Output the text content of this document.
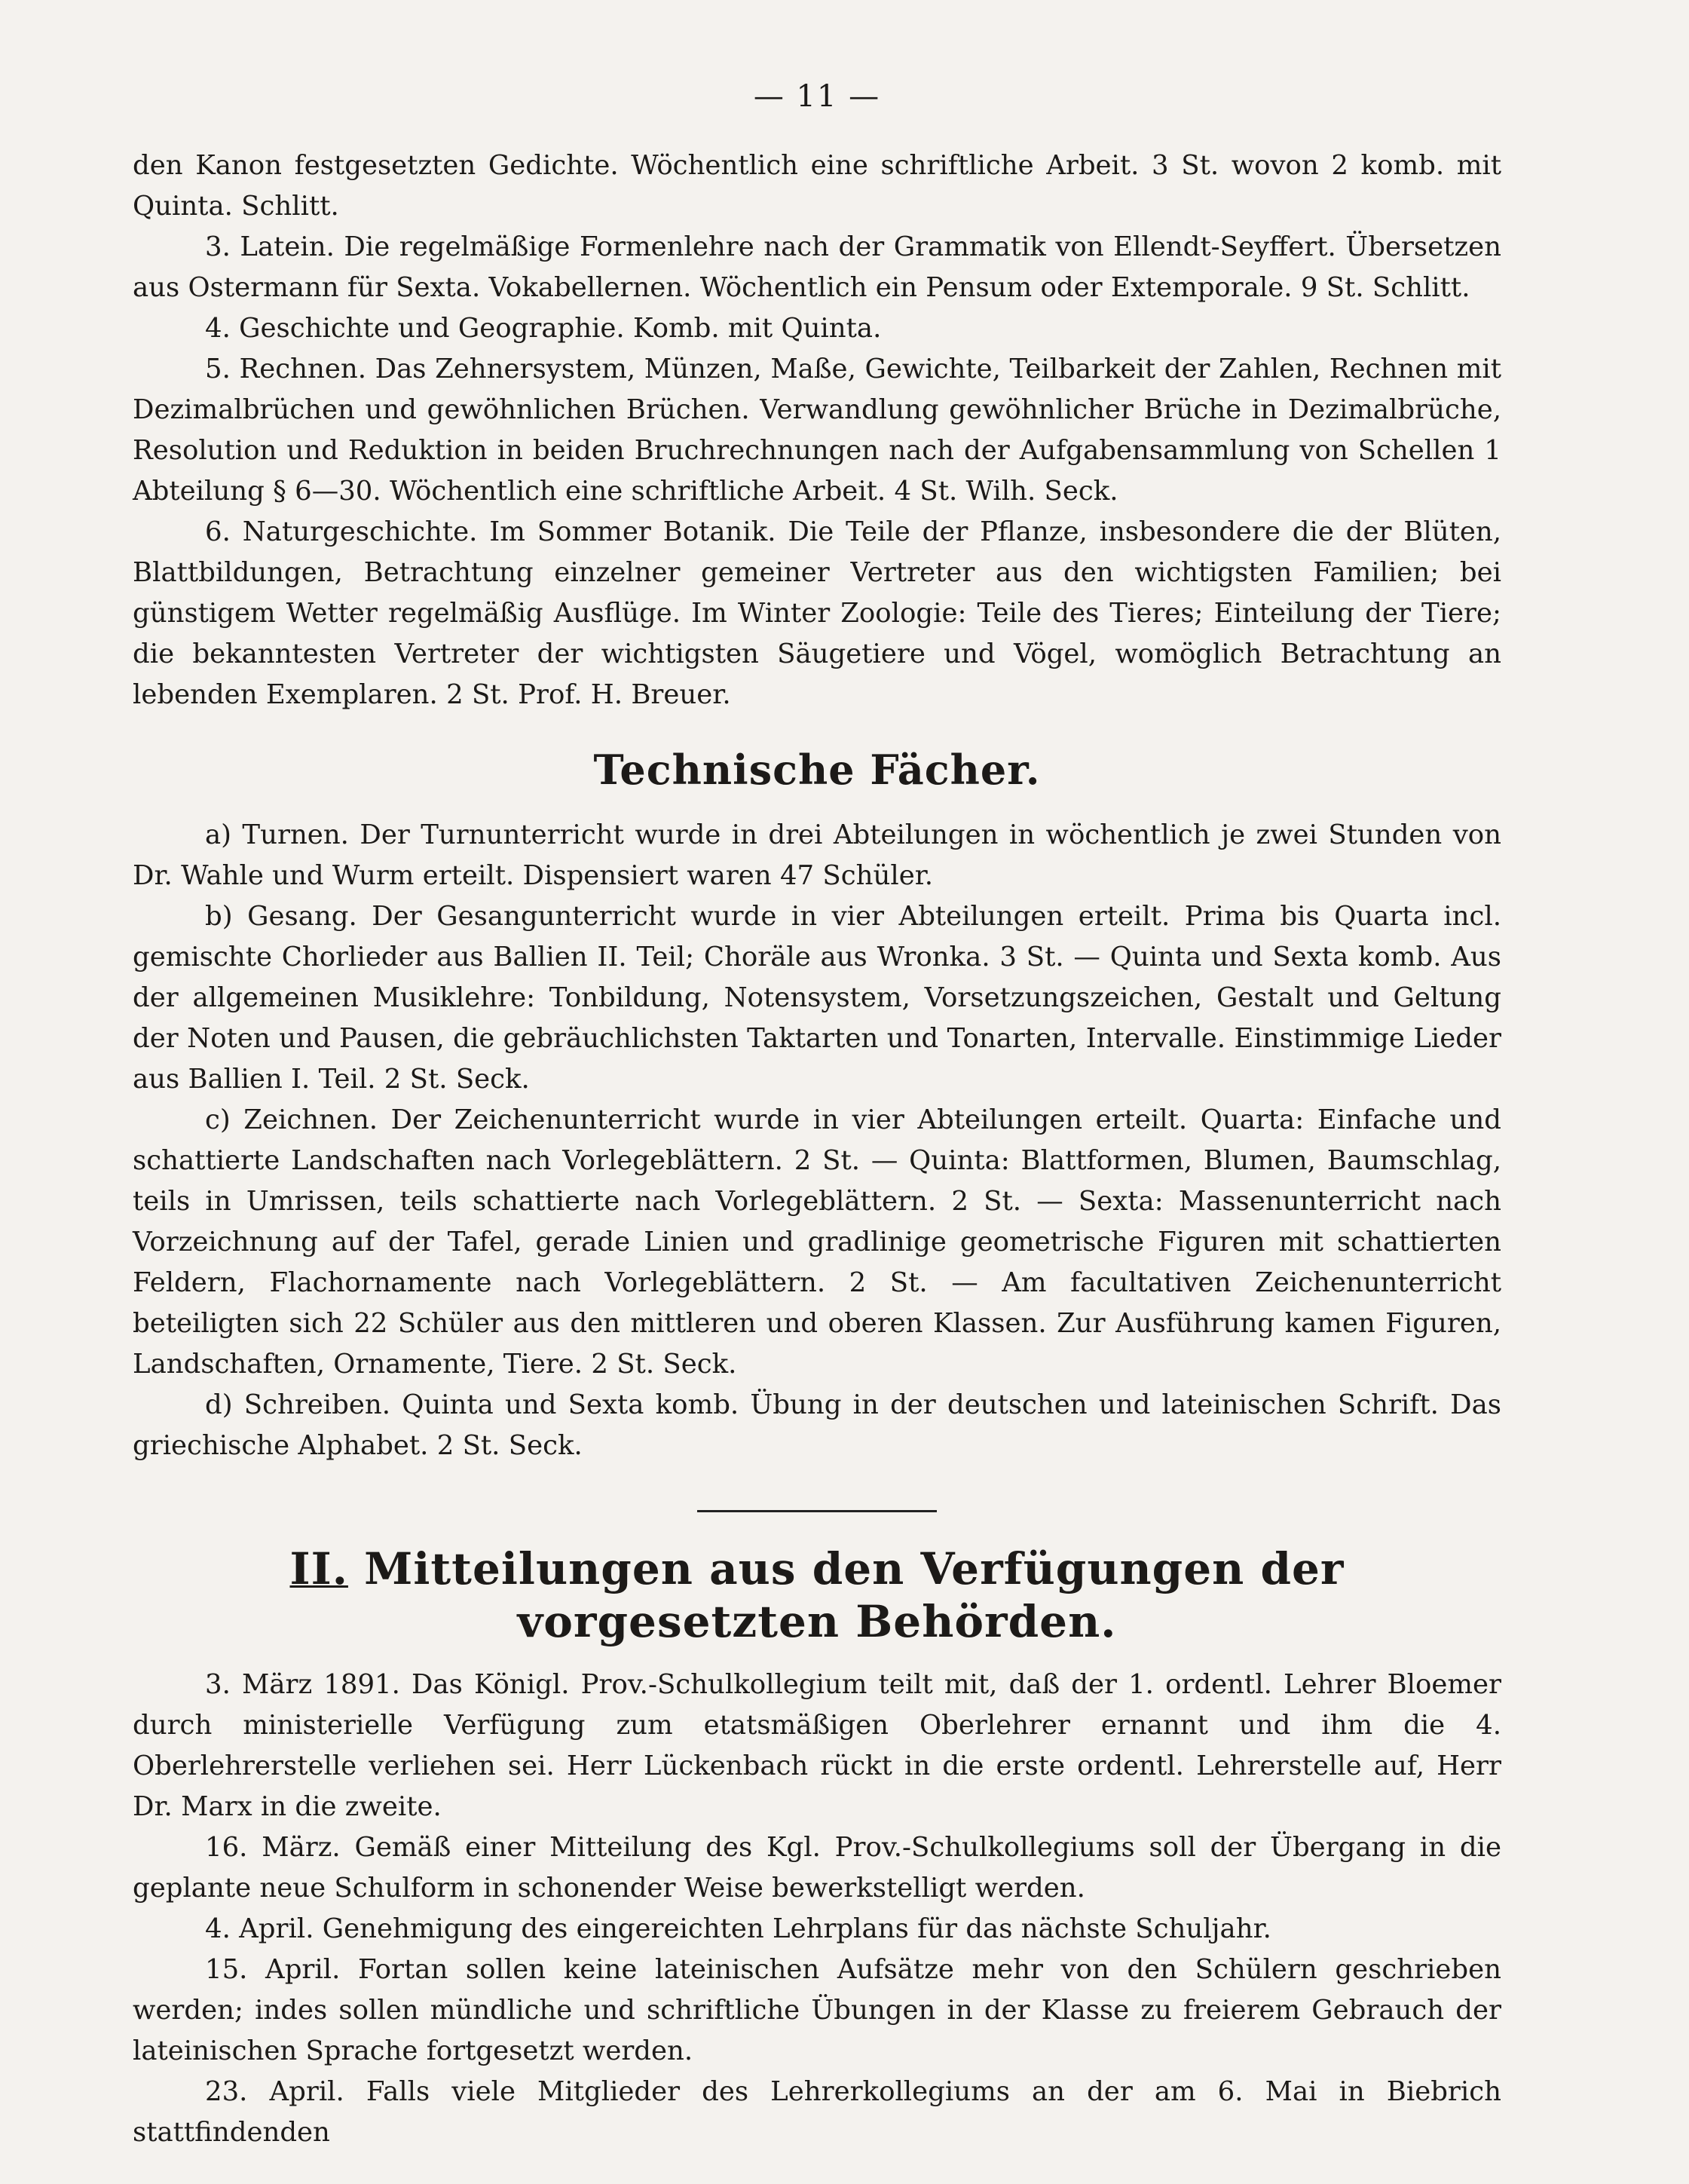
— 11 —

den Kanon festgesetzten Gedichte. Wöchentlich eine schriftliche Arbeit. 3 St. wovon 2 komb. mit Quinta. Schlitt.

3. Latein. Die regelmäßige Formenlehre nach der Grammatik von Ellendt-Seyffert. Übersetzen aus Ostermann für Sexta. Vokabellernen. Wöchentlich ein Pensum oder Extemporale. 9 St. Schlitt.

4. Geschichte und Geographie. Komb. mit Quinta.

5. Rechnen. Das Zehnersystem, Münzen, Maße, Gewichte, Teilbarkeit der Zahlen, Rechnen mit Dezimalbrüchen und gewöhnlichen Brüchen. Verwandlung gewöhnlicher Brüche in Dezimalbrüche, Resolution und Reduktion in beiden Bruchrechnungen nach der Aufgabensammlung von Schellen 1 Abteilung § 6—30. Wöchentlich eine schriftliche Arbeit. 4 St. Wilh. Seck.

6. Naturgeschichte. Im Sommer Botanik. Die Teile der Pflanze, insbesondere die der Blüten, Blattbildungen, Betrachtung einzelner gemeiner Vertreter aus den wichtigsten Familien; bei günstigem Wetter regelmäßig Ausflüge. Im Winter Zoologie: Teile des Tieres; Einteilung der Tiere; die bekanntesten Vertreter der wichtigsten Säugetiere und Vögel, womöglich Betrachtung an lebenden Exemplaren. 2 St. Prof. H. Breuer.

Technische Fächer.

a) Turnen. Der Turnunterricht wurde in drei Abteilungen in wöchentlich je zwei Stunden von Dr. Wahle und Wurm erteilt. Dispensiert waren 47 Schüler.

b) Gesang. Der Gesangunterricht wurde in vier Abteilungen erteilt. Prima bis Quarta incl. gemischte Chorlieder aus Ballien II. Teil; Choräle aus Wronka. 3 St. — Quinta und Sexta komb. Aus der allgemeinen Musiklehre: Tonbildung, Notensystem, Vorsetzungszeichen, Gestalt und Geltung der Noten und Pausen, die gebräuchlichsten Taktarten und Tonarten, Intervalle. Einstimmige Lieder aus Ballien I. Teil. 2 St. Seck.

c) Zeichnen. Der Zeichenunterricht wurde in vier Abteilungen erteilt. Quarta: Einfache und schattierte Landschaften nach Vorlegeblättern. 2 St. — Quinta: Blattformen, Blumen, Baumschlag, teils in Umrissen, teils schattierte nach Vorlegeblättern. 2 St. — Sexta: Massenunterricht nach Vorzeichnung auf der Tafel, gerade Linien und gradlinige geometrische Figuren mit schattierten Feldern, Flachornamente nach Vorlegeblättern. 2 St. — Am facultativen Zeichenunterricht beteiligten sich 22 Schüler aus den mittleren und oberen Klassen. Zur Ausführung kamen Figuren, Landschaften, Ornamente, Tiere. 2 St. Seck.

d) Schreiben. Quinta und Sexta komb. Übung in der deutschen und lateinischen Schrift. Das griechische Alphabet. 2 St. Seck.

II. Mitteilungen aus den Verfügungen der vorgesetzten Behörden.

3. März 1891. Das Königl. Prov.-Schulkollegium teilt mit, daß der 1. ordentl. Lehrer Bloemer durch ministerielle Verfügung zum etatsmäßigen Oberlehrer ernannt und ihm die 4. Oberlehrerstelle verliehen sei. Herr Lückenbach rückt in die erste ordentl. Lehrerstelle auf, Herr Dr. Marx in die zweite.

16. März. Gemäß einer Mitteilung des Kgl. Prov.-Schulkollegiums soll der Übergang in die geplante neue Schulform in schonender Weise bewerkstelligt werden.

4. April. Genehmigung des eingereichten Lehrplans für das nächste Schuljahr.

15. April. Fortan sollen keine lateinischen Aufsätze mehr von den Schülern geschrieben werden; indes sollen mündliche und schriftliche Übungen in der Klasse zu freierem Gebrauch der lateinischen Sprache fortgesetzt werden.

23. April. Falls viele Mitglieder des Lehrerkollegiums an der am 6. Mai in Biebrich stattfindenden
